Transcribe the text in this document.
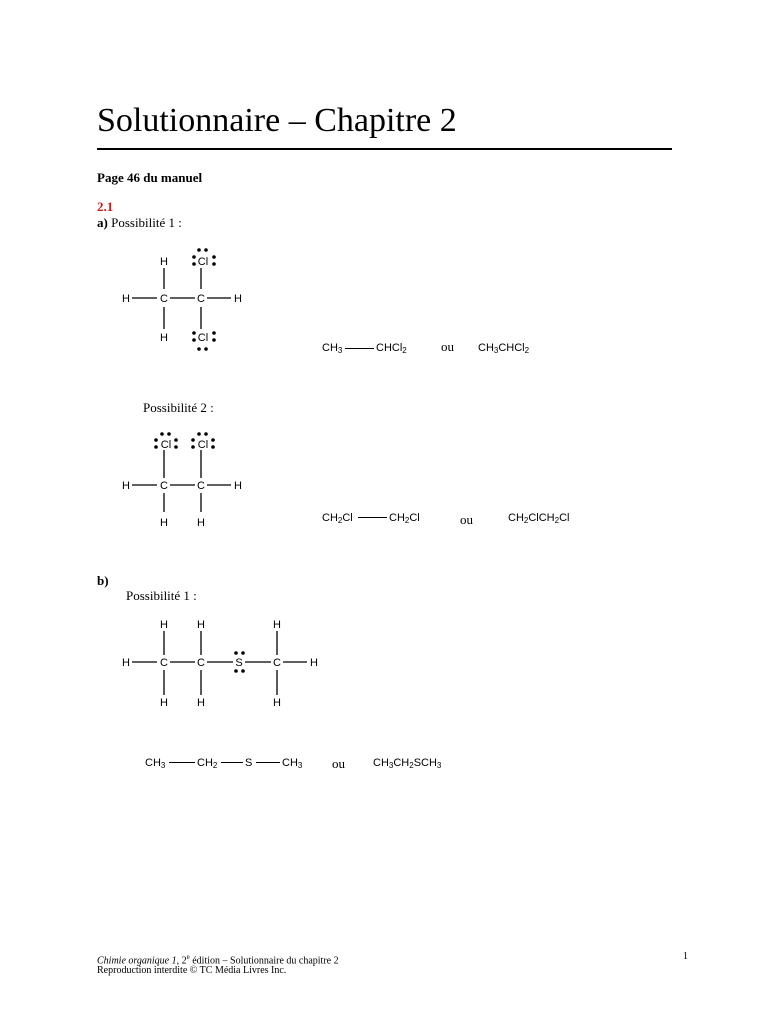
Solutionnaire – Chapitre 2
Page 46 du manuel
2.1
a) Possibilité 1 :
H	Cl
H	C	C	H
H	Cl
$CH_3$	CHCl$_2$	ou $CH_3CHCl_2$
Possibilité 2 :
Cl Cl
H	C	C	H
H	H	$CH_2Cl$	$CH_2Cl$	ou	$CH_2ClCH_2Cl$
b)
Possibilité 1 :
H	H	H
H	C	C	S	C	H
H	H	H
$CH_3$	$CH_2$	S	$CH_3$ ou	$CH_3CH_2SCH_3$
Chimie organique 1, 2e édition – Solutionnaire du chapitre 2
Reproduction interdite © TC Média Livres Inc.
1
